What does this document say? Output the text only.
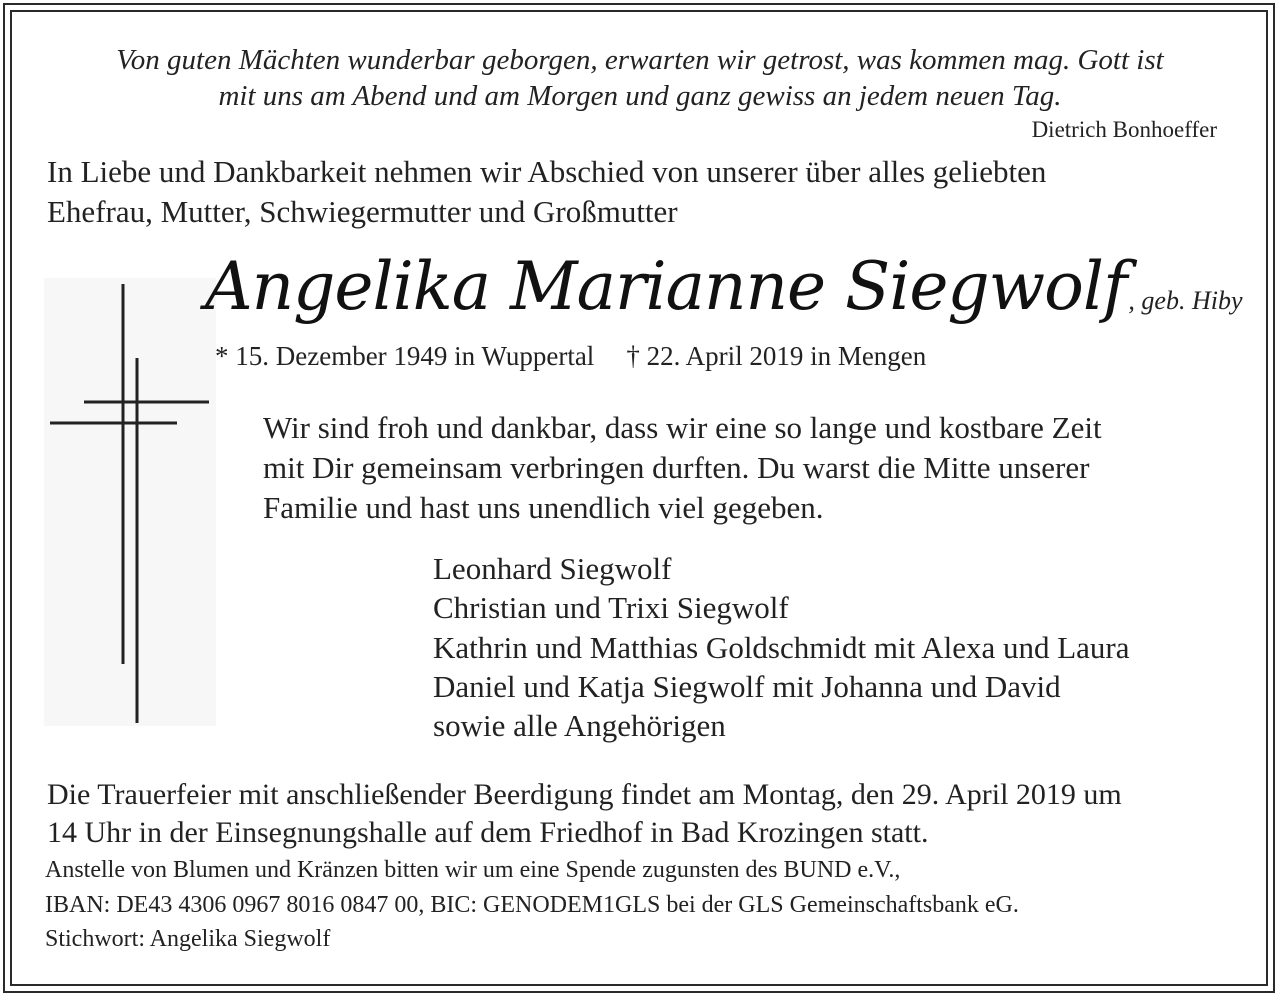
Von guten Mächten wunderbar geborgen, erwarten wir getrost, was kommen mag. Gott ist
mit uns am Abend und am Morgen und ganz gewiss an jedem neuen Tag.
Dietrich Bonhoeffer
In Liebe und Dankbarkeit nehmen wir Abschied von unserer über alles geliebten
Ehefrau, Mutter, Schwiegermutter und Großmutter
Angelika Marianne Siegwolf, geb. Hiby
* 15. Dezember 1949 in Wuppertal † 22. April 2019 in Mengen
Wir sind froh und dankbar, dass wir eine so lange und kostbare Zeit
mit Dir gemeinsam verbringen durften. Du warst die Mitte unserer
Familie und hast uns unendlich viel gegeben.
Leonhard Siegwolf
Christian und Trixi Siegwolf
Kathrin und Matthias Goldschmidt mit Alexa und Laura
Daniel und Katja Siegwolf mit Johanna und David
sowie alle Angehörigen
Die Trauerfeier mit anschließender Beerdigung findet am Montag, den 29. April 2019 um
14 Uhr in der Einsegnungshalle auf dem Friedhof in Bad Krozingen statt.
Anstelle von Blumen und Kränzen bitten wir um eine Spende zugunsten des BUND e.V.,
IBAN: DE43 4306 0967 8016 0847 00, BIC: GENODEM1GLS bei der GLS Gemeinschaftsbank eG.
Stichwort: Angelika Siegwolf
